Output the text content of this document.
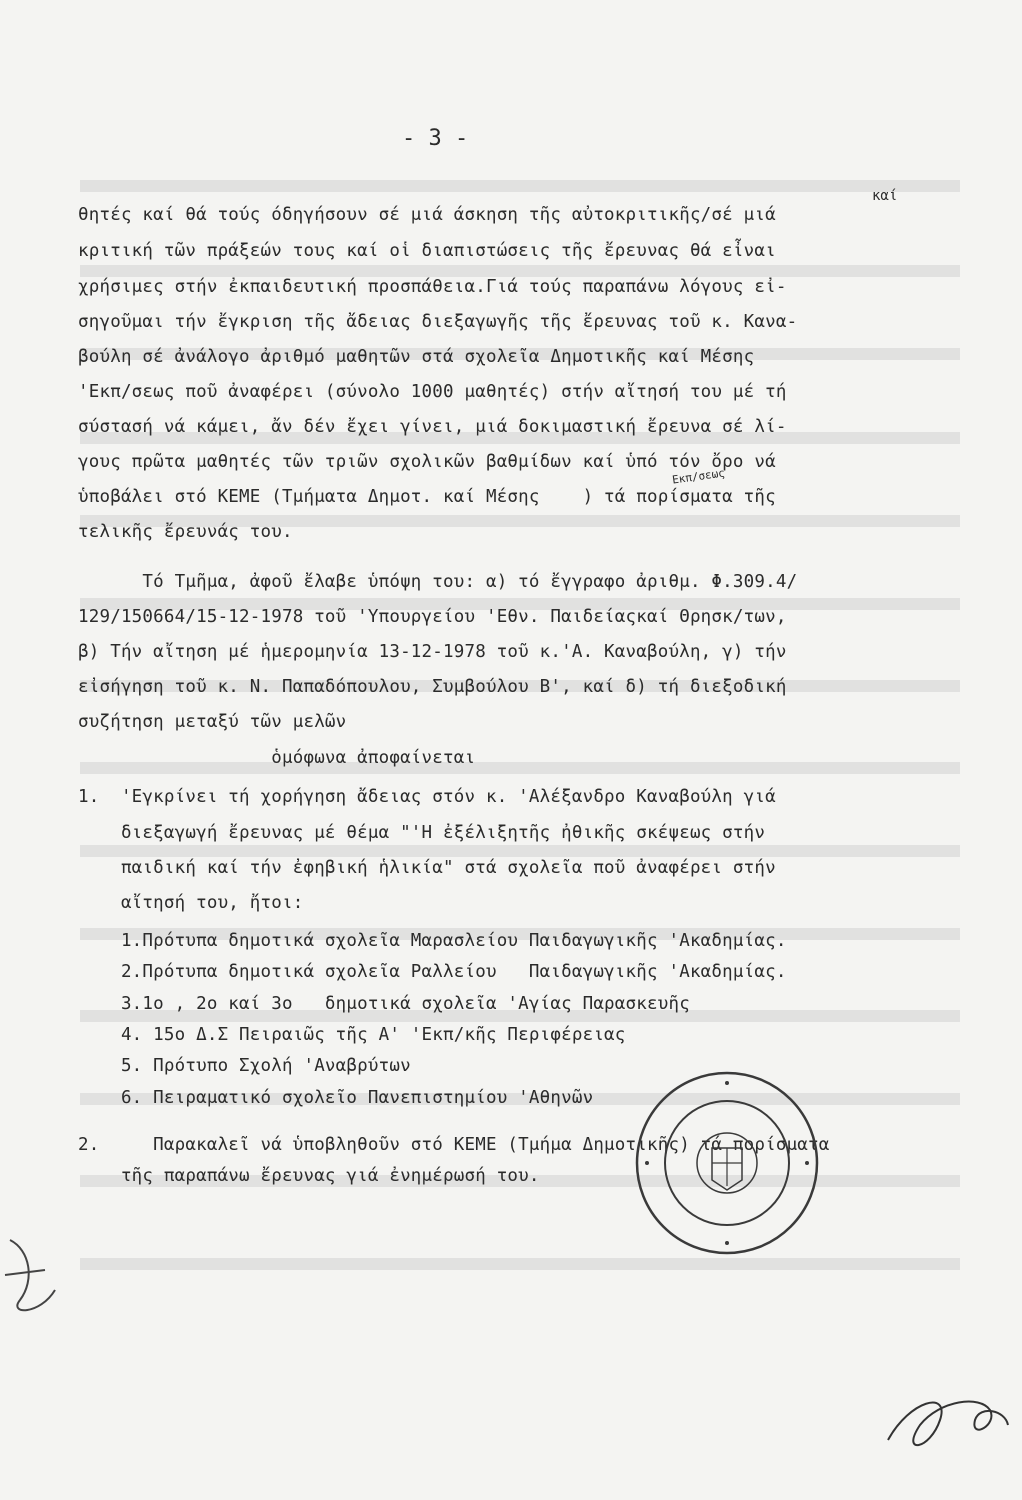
- 3 -
καί
θητές καί θά τούς όδηγήσουν σέ μιά άσκηση τῆς αὐτοκριτικῆς/σέ μιά
κριτική τῶν πράξεών τους καί οἱ διαπιστώσεις τῆς ἔρευνας θά εἶναι
χρήσιμες στήν ἐκπαιδευτική προσπάθεια.Γιά τούς παραπάνω λόγους εἰ-
σηγοῦμαι τήν ἔγκριση τῆς ἄδειας διεξαγωγῆς τῆς ἔρευνας τοῦ κ. Κανα-
βούλη σέ ἀνάλογο ἀριθμό μαθητῶν στά σχολεῖα Δημοτικῆς καί Μέσης
'Εκπ/σεως ποῦ ἀναφέρει (σύνολο 1000 μαθητές) στήν αἴτησή του μέ τή
σύστασή νά κάμει, ἄν δέν ἔχει γίνει, μιά δοκιμαστική ἔρευνα σέ λί-
γους πρῶτα μαθητές τῶν τριῶν σχολικῶν βαθμίδων καί ὑπό τόν ὄρο νά
ὑποβάλει στό ΚΕΜΕ (Τμήματα Δημοτ. καί Μέσης    ) τά πορίσματα τῆς
Εκπ/σεως
τελικῆς ἔρευνάς του.
Τό Τμῆμα, ἀφοῦ ἔλαβε ὑπόψη του: α) τό ἔγγραφο ἀριθμ. Φ.309.4/
129/150664/15-12-1978 τοῦ 'Υπουργείου 'Εθν. Παιδείαςκαί Θρησκ/των,
β) Τήν αἴτηση μέ ἡμερομηνία 13-12-1978 τοῦ κ.'Α. Καναβούλη, γ) τήν
εἰσήγηση τοῦ κ. Ν. Παπαδόπουλου, Συμβούλου Β', καί δ) τή διεξοδική
συζήτηση μεταξύ τῶν μελῶν
ὁμόφωνα ἀποφαίνεται
1.  'Εγκρίνει τή χορήγηση ἄδειας στόν κ. 'Αλέξανδρο Καναβούλη γιά
διεξαγωγή ἔρευνας μέ θέμα "'Η ἐξέλιξητῆς ἠθικῆς σκέψεως στήν
παιδική καί τήν ἐφηβική ἡλικία" στά σχολεῖα ποῦ ἀναφέρει στήν
αἴτησή του, ἤτοι:
1.Πρότυπα δημοτικά σχολεῖα Μαρασλείου Παιδαγωγικῆς 'Ακαδημίας.
2.Πρότυπα δημοτικά σχολεῖα Ραλλείου   Παιδαγωγικῆς 'Ακαδημίας.
3.1ο , 2ο καί 3ο   δημοτικά σχολεῖα 'Αγίας Παρασκευῆς
4. 15ο Δ.Σ Πειραιῶς τῆς Α' 'Εκπ/κῆς Περιφέρειας
5. Πρότυπο Σχολή 'Αναβρύτων
6. Πειραματικό σχολεῖο Πανεπιστημίου 'Αθηνῶν
2.     Παρακαλεῖ νά ὑποβληθοῦν στό ΚΕΜΕ (Τμήμα Δημοτικῆς) τά πορίσματα
τῆς παραπάνω ἔρευνας γιά ἐνημέρωσή του.
